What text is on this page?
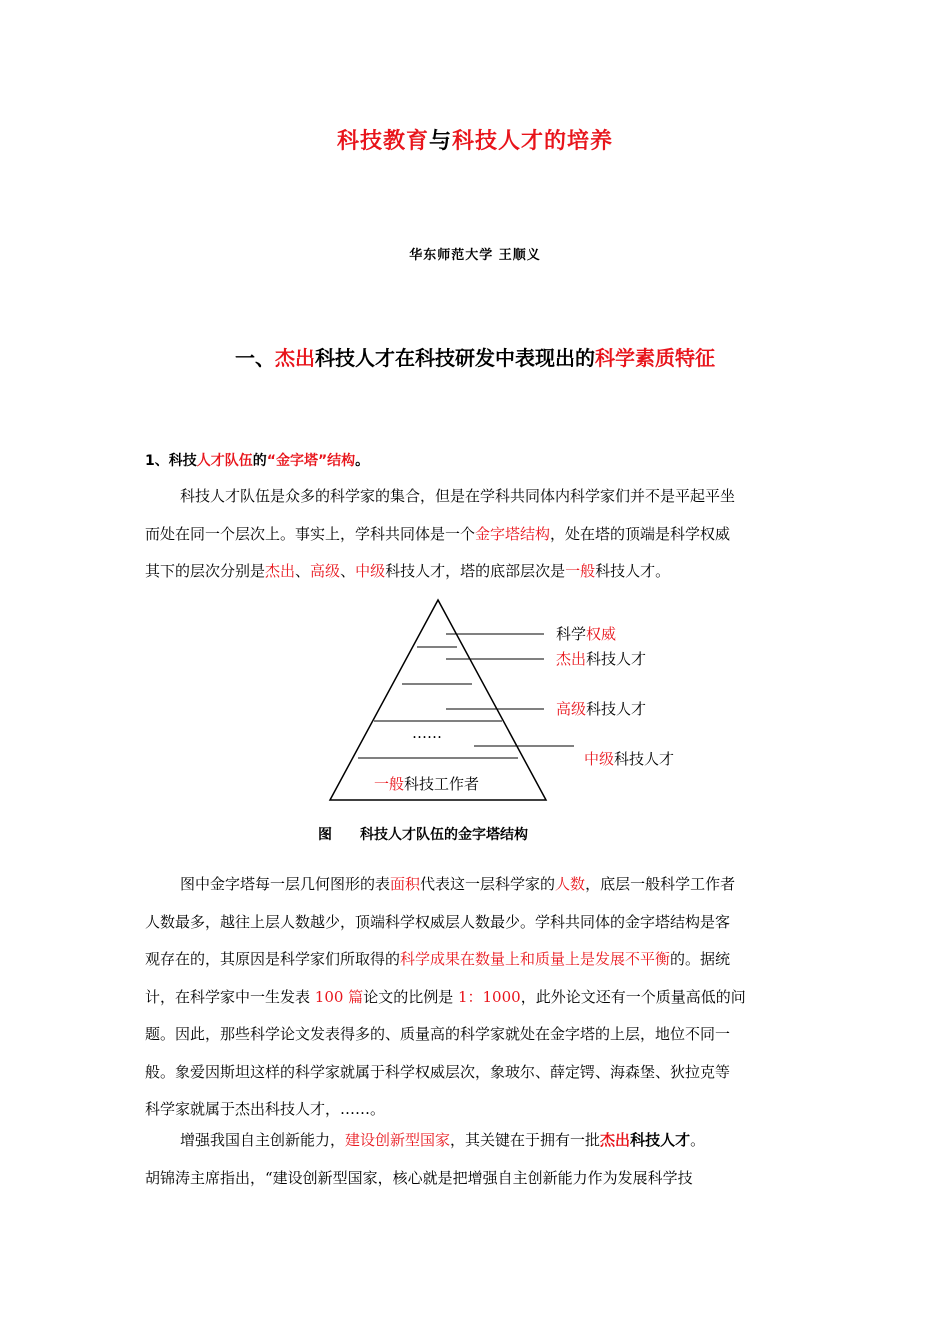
科技教育与科技人才的培养
华东师范大学 王顺义
一、杰出科技人才在科技研发中表现出的科学素质特征
1、科技人才队伍的“金字塔”结构。
科技人才队伍是众多的科学家的集合，但是在学科共同体内科学家们并不是平起平坐
而处在同一个层次上。事实上，学科共同体是一个金字塔结构，处在塔的顶端是科学权威
其下的层次分别是杰出、高级、中级科技人才，塔的底部层次是一般科技人才。
……
科学权威
杰出科技人才
高级科技人才
中级科技人才
一般科技工作者
图 科技人才队伍的金字塔结构
图中金字塔每一层几何图形的表面积代表这一层科学家的人数，底层一般科学工作者
人数最多，越往上层人数越少，顶端科学权威层人数最少。学科共同体的金字塔结构是客
观存在的，其原因是科学家们所取得的科学成果在数量上和质量上是发展不平衡的。据统
计，在科学家中一生发表 100 篇论文的比例是 1：1000，此外论文还有一个质量高低的问
题。因此，那些科学论文发表得多的、质量高的科学家就处在金字塔的上层，地位不同一
般。象爱因斯坦这样的科学家就属于科学权威层次，象玻尔、薛定锷、海森堡、狄拉克等
科学家就属于杰出科技人才，……。
增强我国自主创新能力，建设创新型国家，其关键在于拥有一批杰出科技人才。
胡锦涛主席指出，“建设创新型国家，核心就是把增强自主创新能力作为发展科学技
